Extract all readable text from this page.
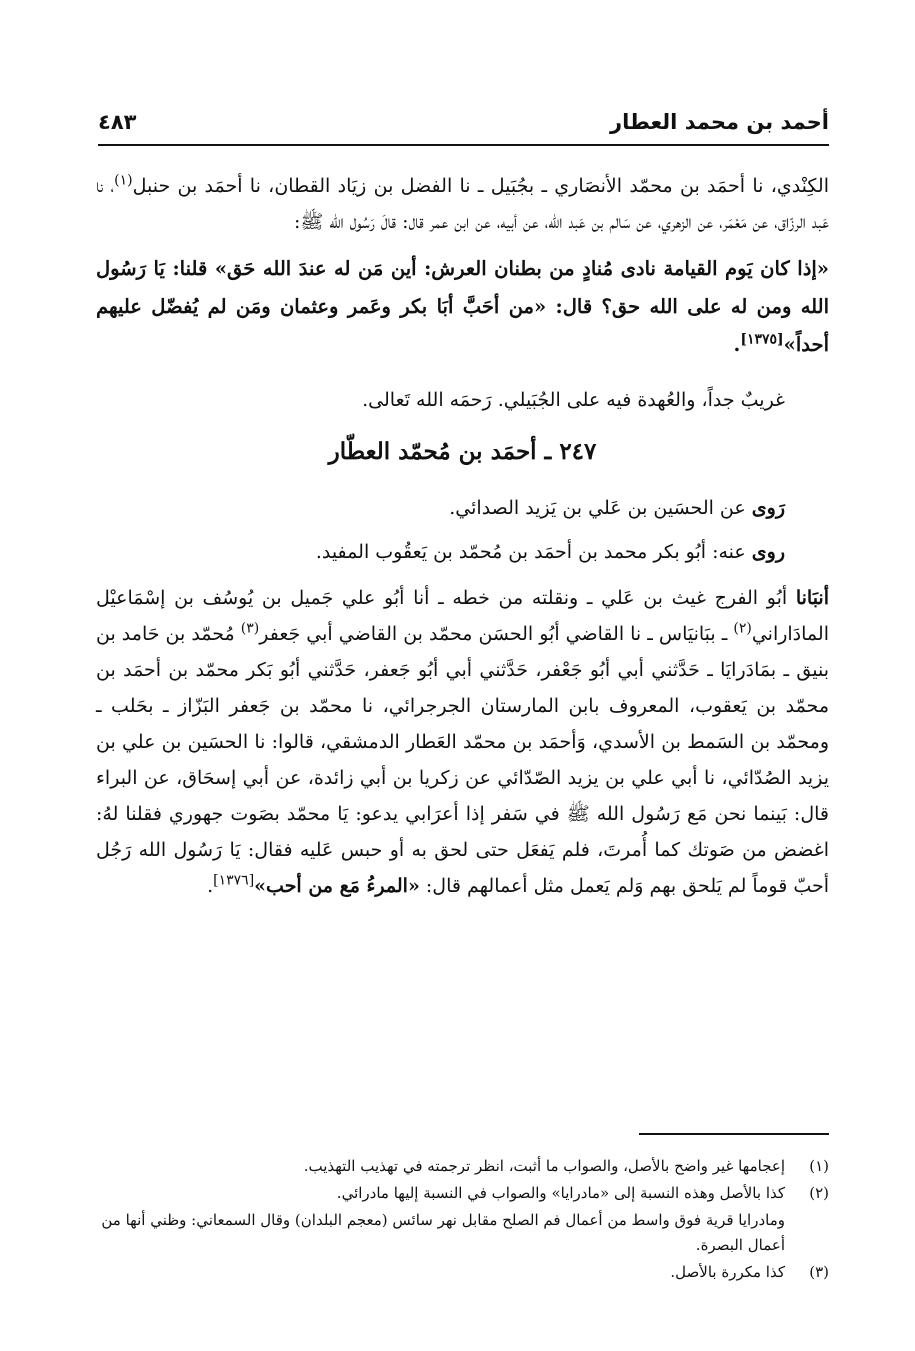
أحمد بن محمد العطار
٤٨٣

الكِنْدي، نا أحمَد بن محمّد الأنصَاري ـ بجُبَيل ـ نا الفضل بن زيَاد القطان، نا أحمَد بن حنبل$^{(١)}$، نا عَبد الرزّاق، عن مَعْمَر، عن الزهري، عن سَالم بن عَبد اللّه، عن أبيه، عن ابن عمر قال: قالَ رَسُول الله ﷺ:

«إذا كان يَوم القيامة نادى مُنادٍ من بطنان العرش: أين مَن له عندَ الله حَق» قلنا: يَا رَسُول الله ومن له على الله حق؟ قال: «من أحَبَّ أبَا بكر وعَمر وعثمان ومَن لم يُفضّل عليهم أحداً»[١٣٧٥].

غريبٌ جداً، والعُهدة فيه على الجُبَيلي. رَحمَه الله تَعالى.

٢٤٧ ـ أحمَد بن مُحمّد العطّار

رَوى عن الحسَين بن عَلي بن يَزيد الصدائي.

روى عنه: أبُو بكر محمد بن أحمَد بن مُحمّد بن يَعقُوب المفيد.

أنبَانا أبُو الفرج غيث بن عَلي ـ ونقلته من خطه ـ أنا أبُو علي جَميل بن يُوسُف بن إسْمَاعيْل المادَاراني$^{(٢)}$ ـ ببَانيَاس ـ نا القاضي أبُو الحسَن محمّد بن القاضي أبي جَعفر$^{(٣)}$ مُحمّد بن حَامد بن بنيق ـ بمَادَرايَا ـ حَدَّثني أبي أبُو جَعْفر، حَدَّثني أبي أبُو جَعفر، حَدَّثني أبُو بَكر محمّد بن أحمَد بن محمّد بن يَعقوب، المعروف بابن المارستان الجرجرائي، نا محمّد بن جَعفر البَزّاز ـ بحَلب ـ ومحمّد بن السَمط بن الأسدي، وَأحمَد بن محمّد العَطار الدمشقي، قالوا: نا الحسَين بن علي بن يزيد الصُدّائي، نا أبي علي بن يزيد الصّدّائي عن زكريا بن أبي زائدة، عن أبي إسحَاق، عن البراء قال: بَينما نحن مَع رَسُول الله ﷺ في سَفر إذا أعرَابي يدعو: يَا محمّد بصَوت جهوري فقلنا لهُ: اغضض من صَوتك كما أُمرتَ، فلم يَفعَل حتى لحق به أو حبس عَليه فقال: يَا رَسُول الله رَجُل أحبّ قوماً لم يَلحق بهم وَلم يَعمل مثل أعمالهم قال: «المرءُ مَع من أحب»[١٣٧٦].

(١)
إعجامها غير واضح بالأصل، والصواب ما أثبت، انظر ترجمته في تهذيب التهذيب.
(٢)
كذا بالأصل وهذه النسبة إلى «مادرايا» والصواب في النسبة إليها مادرائي.
ومادرايا قرية فوق واسط من أعمال فم الصلح مقابل نهر سائس (معجم البلدان) وقال السمعاني: وظني أنها من أعمال البصرة.
(٣)
كذا مكررة بالأصل.
